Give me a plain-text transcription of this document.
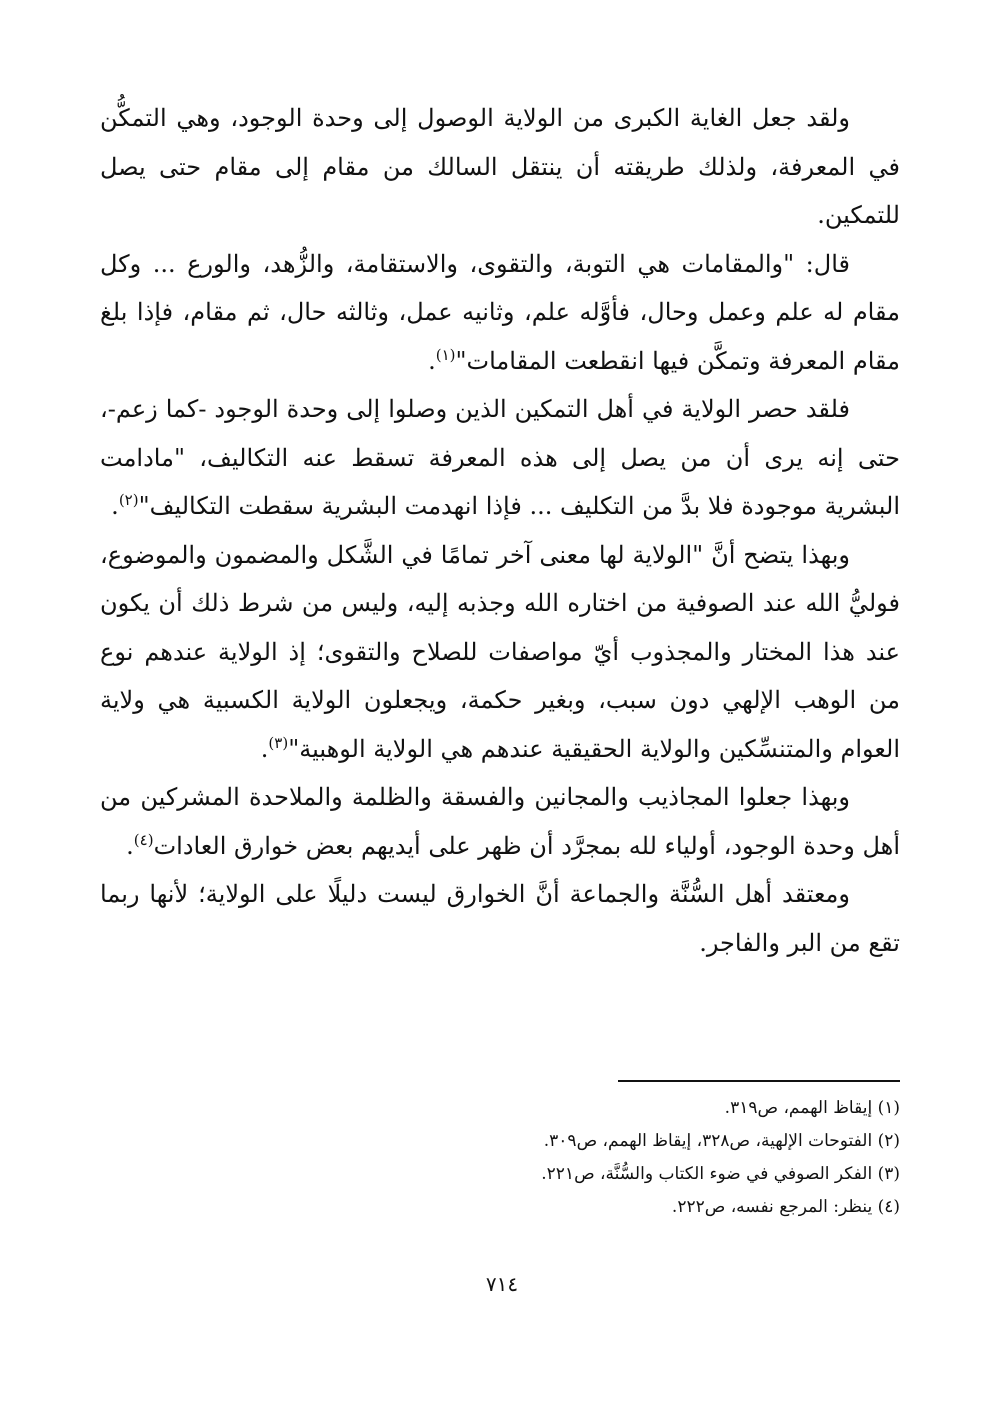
ولقد جعل الغاية الكبرى من الولاية الوصول إلى وحدة الوجود، وهي التمكُّن في المعرفة، ولذلك طريقته أن ينتقل السالك من مقام إلى مقام حتى يصل للتمكين.

قال: "والمقامات هي التوبة، والتقوى، والاستقامة، والزُّهد، والورع ... وكل مقام له علم وعمل وحال، فأوَّله علم، وثانيه عمل، وثالثه حال، ثم مقام، فإذا بلغ مقام المعرفة وتمكَّن فيها انقطعت المقامات"$^{(١)}$.

فلقد حصر الولاية في أهل التمكين الذين وصلوا إلى وحدة الوجود -كما زعم-، حتى إنه يرى أن من يصل إلى هذه المعرفة تسقط عنه التكاليف، "مادامت البشرية موجودة فلا بدَّ من التكليف ... فإذا انهدمت البشرية سقطت التكاليف"$^{(٢)}$.

وبهذا يتضح أنَّ "الولاية لها معنى آخر تمامًا في الشَّكل والمضمون والموضوع، فوليُّ الله عند الصوفية من اختاره الله وجذبه إليه، وليس من شرط ذلك أن يكون عند هذا المختار والمجذوب أيّ مواصفات للصلاح والتقوى؛ إذ الولاية عندهم نوع من الوهب الإلهي دون سبب، وبغير حكمة، ويجعلون الولاية الكسبية هي ولاية العوام والمتنسِّكين والولاية الحقيقية عندهم هي الولاية الوهبية"$^{(٣)}$.

وبهذا جعلوا المجاذيب والمجانين والفسقة والظلمة والملاحدة المشركين من أهل وحدة الوجود، أولياء لله بمجرَّد أن ظهر على أيديهم بعض خوارق العادات$^{(٤)}$.

ومعتقد أهل السُّنَّة والجماعة أنَّ الخوارق ليست دليلًا على الولاية؛ لأنها ربما تقع من البر والفاجر.

(١) إيقاظ الهمم، ص٣١٩.

(٢) الفتوحات الإلهية، ص٣٢٨، إيقاظ الهمم، ص٣٠٩.

(٣) الفكر الصوفي في ضوء الكتاب والسُّنَّة، ص٢٢١.

(٤) ينظر: المرجع نفسه، ص٢٢٢.

٧١٤
